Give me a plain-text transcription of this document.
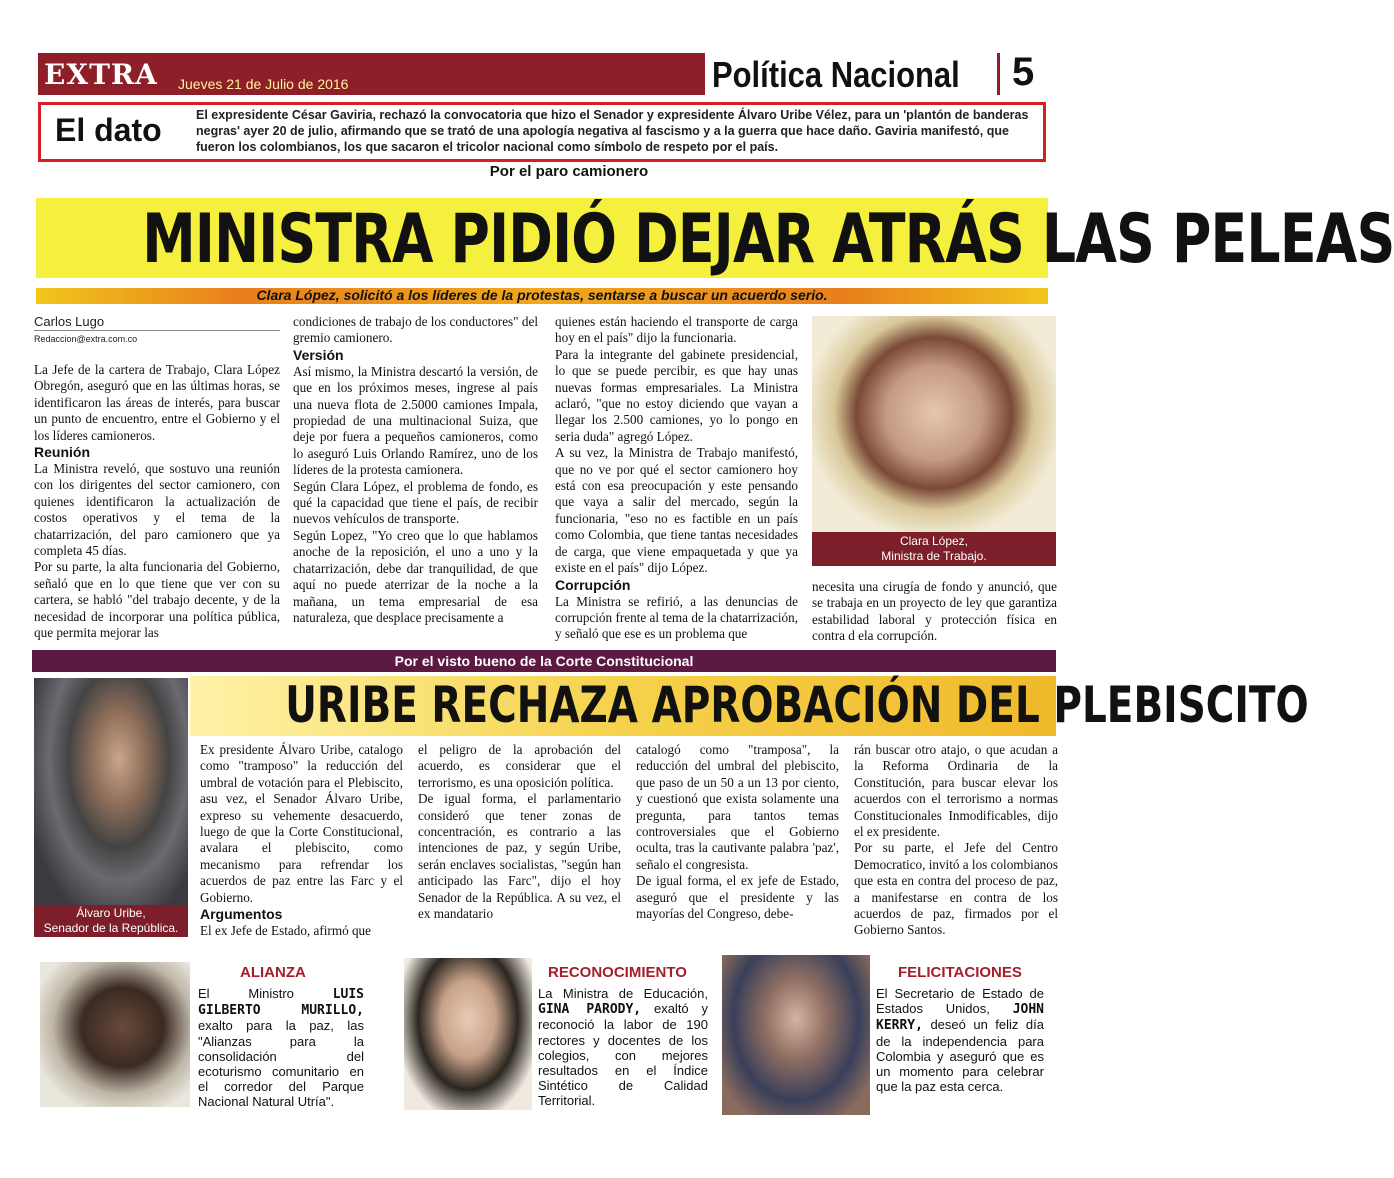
EXTRA Jueves 21 de Julio de 2016	Política Nacional 5
El dato	El expresidente César Gaviria, rechazó la convocatoria que hizo el Senador y expresidente Álvaro Uribe Vélez, para un 'plantón de banderas negras' ayer 20 de julio, afirmando que se trató de una apología negativa al fascismo y a la guerra que hace daño. Gaviria manifestó, que fueron los colombianos, los que sacaron el tricolor nacional como símbolo de respeto por el país.
Por el paro camionero
MINISTRA PIDIÓ DEJAR ATRÁS LAS PELEAS
Clara López, solicitó a los líderes de la protestas, sentarse a buscar un acuerdo serio.
Carlos Lugo
Redaccion@extra.com.co

La Jefe de la cartera de Trabajo, Clara López Obregón, aseguró que en las últimas horas, se identificaron las áreas de interés, para buscar un punto de encuentro, entre el Gobierno y el los líderes camioneros.

Reunión

La Ministra reveló, que sostuvo una reunión con los dirigentes del sector camionero, con quienes identificaron la actualización de costos operativos y el tema de la chatarrización, del paro camionero que ya completa 45 días.

Por su parte, la alta funcionaria del Gobierno, señaló que en lo que tiene que ver con su cartera, se habló "del trabajo decente, y de la necesidad de incorporar una política pública, que permita mejorar las

condiciones de trabajo de los conductores" del gremio camionero.

Versión

Así mismo, la Ministra descartó la versión, de que en los próximos meses, ingrese al país una nueva flota de 2.5000 camiones Impala, propiedad de una multinacional Suiza, que deje por fuera a pequeños camioneros, como lo aseguró Luis Orlando Ramírez, uno de los líderes de la protesta camionera.

Según Clara López, el problema de fondo, es qué la capacidad que tiene el país, de recibir nuevos vehículos de transporte.

Según Lopez, "Yo creo que lo que hablamos anoche de la reposición, el uno a uno y la chatarrización, debe dar tranquilidad, de que aquí no puede aterrizar de la noche a la mañana, un tema empresarial de esa naturaleza, que desplace precisamente a

quienes están haciendo el transporte de carga hoy en el país" dijo la funcionaria.

Para la integrante del gabinete presidencial, lo que se puede percibir, es que hay unas nuevas formas empresariales. La Ministra aclaró, "que no estoy diciendo que vayan a llegar los 2.500 camiones, yo lo pongo en seria duda" agregó López.

A su vez, la Ministra de Trabajo manifestó, que no ve por qué el sector camionero hoy está con esa preocupación y este pensando que vaya a salir del mercado, según la funcionaria, "eso no es factible en un país como Colombia, que tiene tantas necesidades de carga, que viene empaquetada y que ya existe en el país" dijo López.

Corrupción

La Ministra se refirió, a las denuncias de corrupción frente al tema de la chatarrización, y señaló que ese es un problema que

Clara López,
Ministra de Trabajo.

necesita una cirugía de fondo y anunció, que se trabaja en un proyecto de ley que garantiza estabilidad laboral y protección física en contra d ela corrupción.

Por el visto bueno de la Corte Constitucional
URIBE RECHAZA APROBACIÓN DEL PLEBISCITO
Álvaro Uribe,
Senador de la República.

Ex presidente Álvaro Uribe, catalogo como "tramposo" la reducción del umbral de votación para el Plebiscito, asu vez, el Senador Álvaro Uribe, expreso su vehemente desacuerdo, luego de que la Corte Constitucional, avalara el plebiscito, como mecanismo para refrendar los acuerdos de paz entre las Farc y el Gobierno.

Argumentos

El ex Jefe de Estado, afirmó que

el peligro de la aprobación del acuerdo, es considerar que el terrorismo, es una oposición política.

De igual forma, el parlamentario consideró que tener zonas de concentración, es contrario a las intenciones de paz, y según Uribe, serán enclaves socialistas, "según han anticipado las Farc", dijo el hoy Senador de la República. A su vez, el ex mandatario

catalogó como "tramposa", la reducción del umbral del plebiscito, que paso de un 50 a un 13 por ciento, y cuestionó que exista solamente una pregunta, para tantos temas controversiales que el Gobierno oculta, tras la cautivante palabra 'paz', señalo el congresista.

De igual forma, el ex jefe de Estado, aseguró que el presidente y las mayorías del Congreso, debe-

rán buscar otro atajo, o que acudan a la Reforma Ordinaria de la Constitución, para buscar elevar los acuerdos con el terrorismo a normas Constitucionales Inmodificables, dijo el ex presidente.

Por su parte, el Jefe del Centro Democratico, invitó a los colombianos que esta en contra del proceso de paz, a manifestarse en contra de los acuerdos de paz, firmados por el Gobierno Santos.

ALIANZA
El Ministro LUIS GILBERTO MURILLO, exalto para la paz, las "Alianzas para la consolidación del ecoturismo comunitario en el corredor del Parque Nacional Natural Utría".
RECONOCIMIENTO
La Ministra de Educación, GINA PARODY, exaltó y reconoció la labor de 190 rectores y docentes de los colegios, con mejores resultados en el Índice Sintético de Calidad Territorial.
FELICITACIONES
El Secretario de Estado de Estados Unidos, JOHN KERRY, deseó un feliz día de la independencia para Colombia y aseguró que es un momento para celebrar que la paz esta cerca.
